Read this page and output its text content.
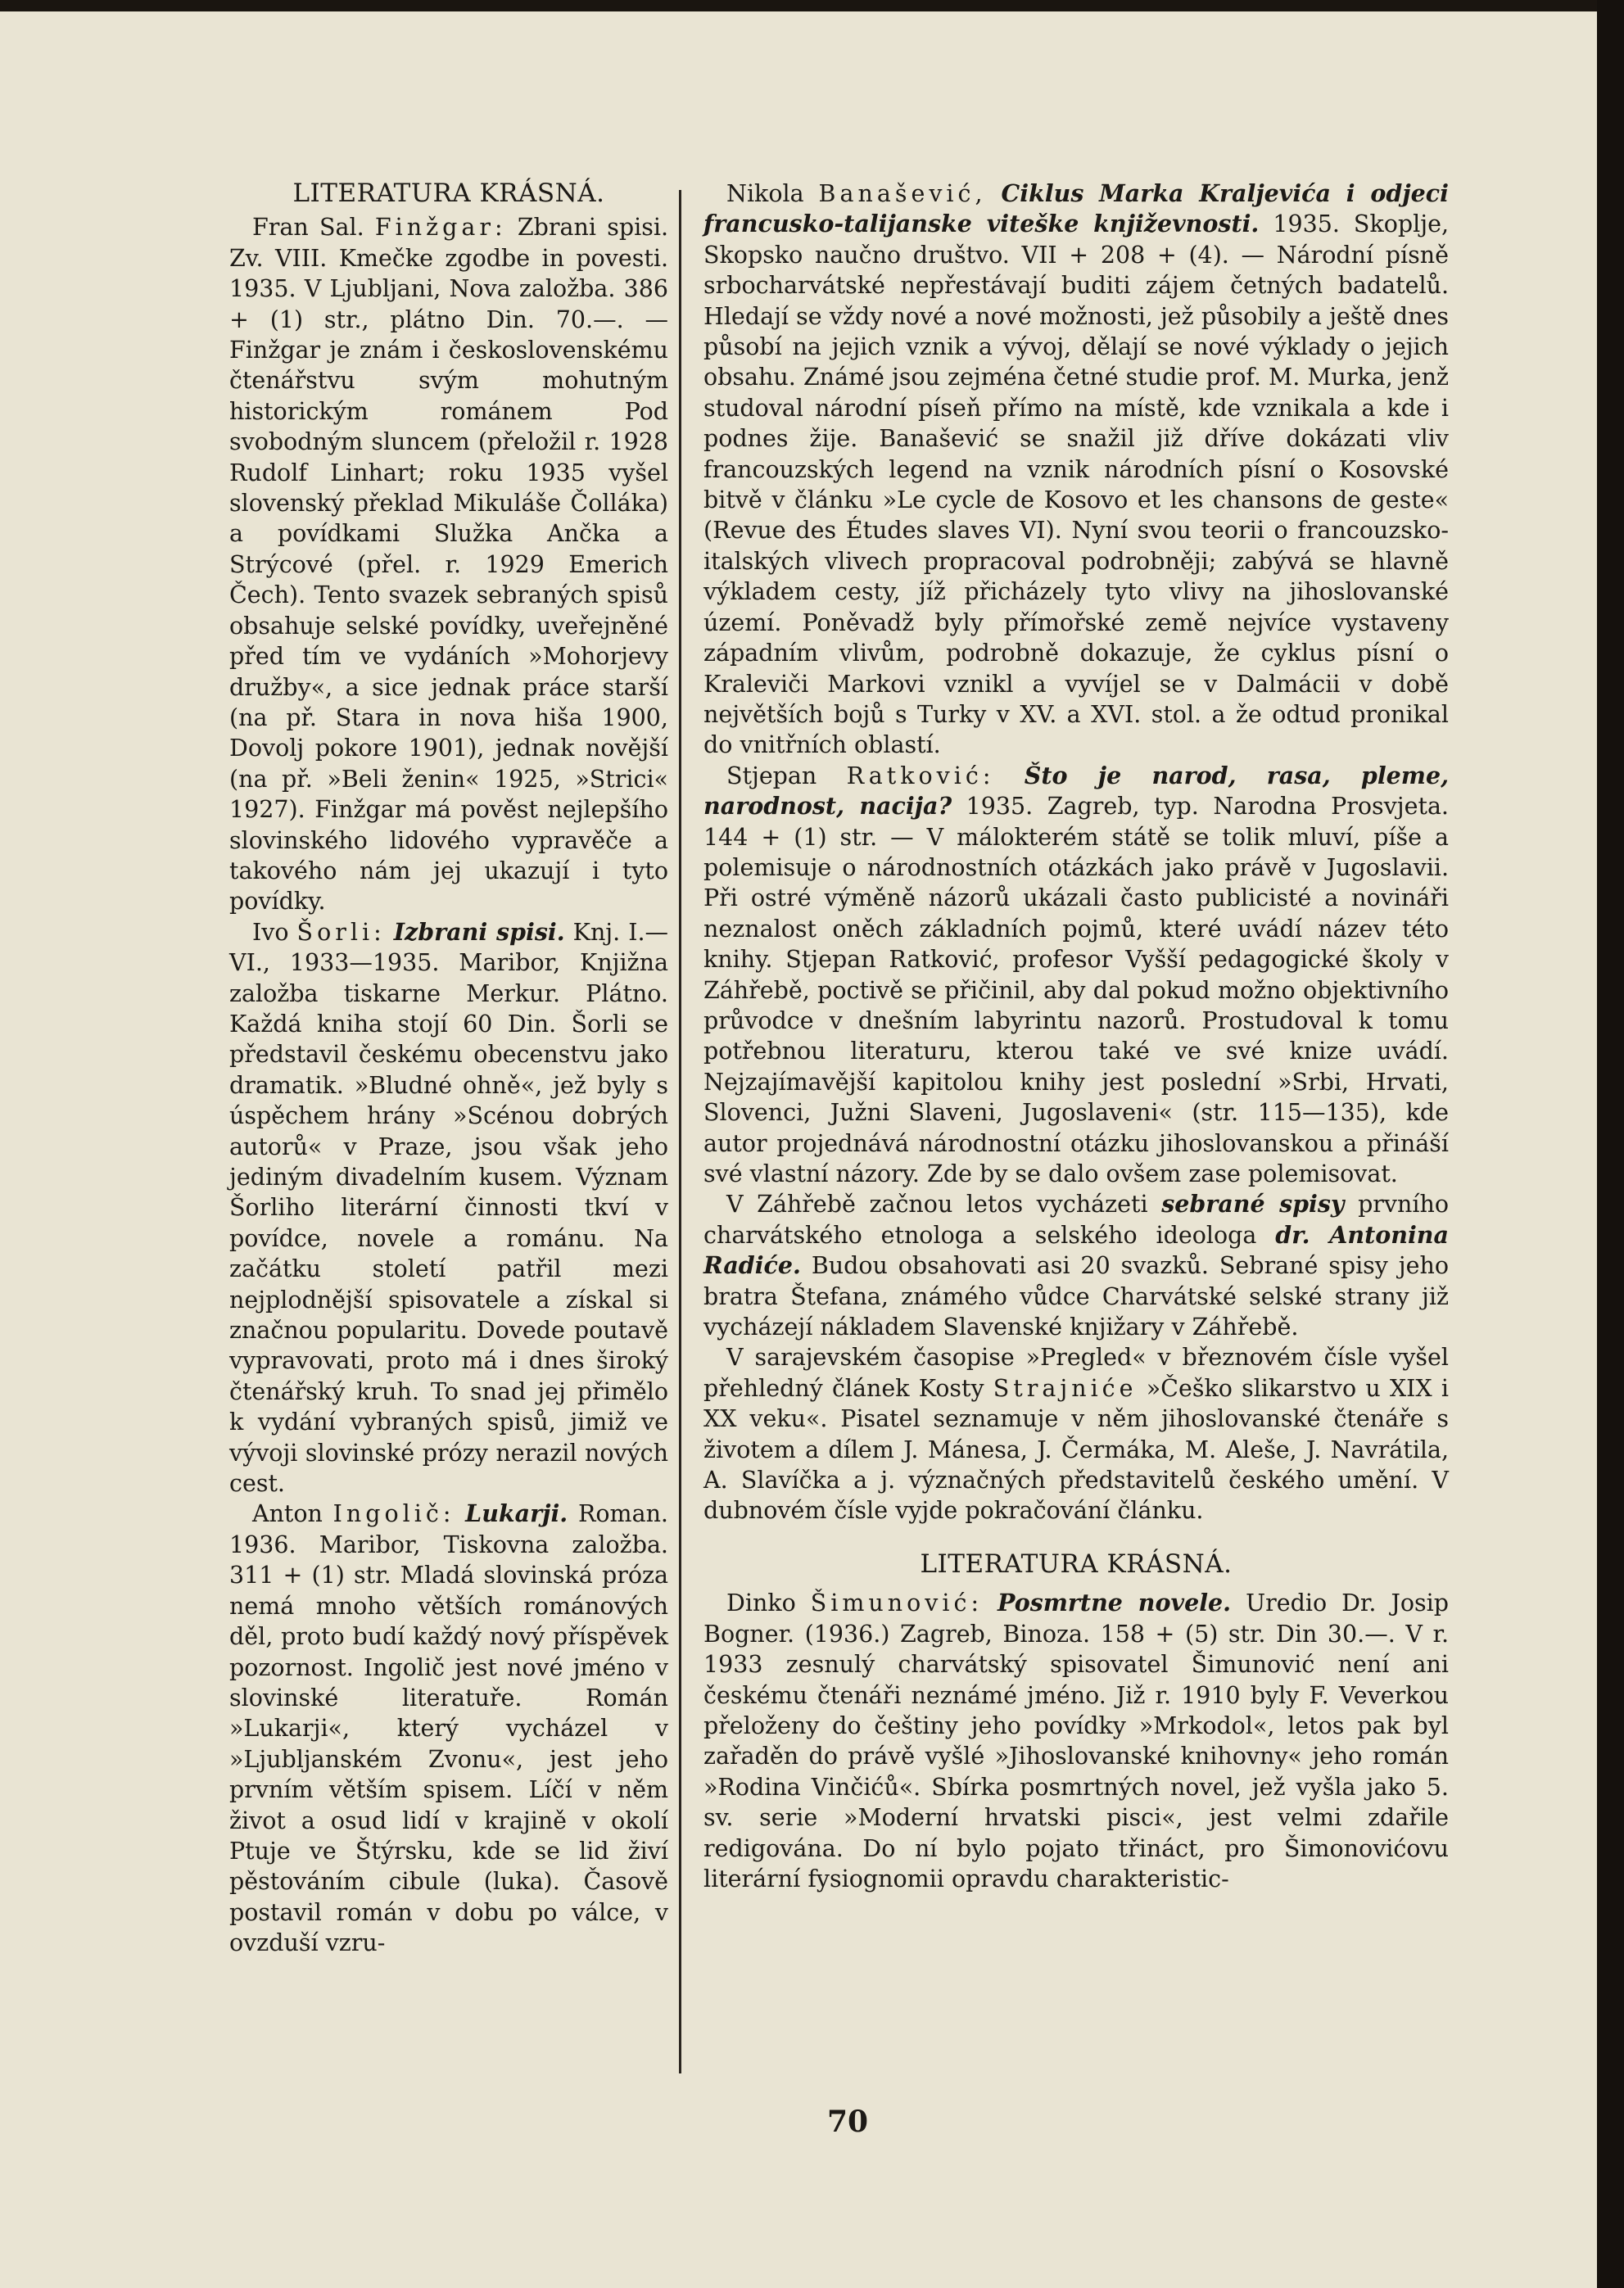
LITERATURA KRÁSNÁ.

Fran Sal. Finžgar: Zbrani spisi. Zv. VIII. Kmečke zgodbe in povesti. 1935. V Ljubljani, Nova založba. 386 + (1) str., plátno Din. 70.—. — Finžgar je znám i československému čtenářstvu svým mohutným historickým románem Pod svobodným sluncem (přeložil r. 1928 Rudolf Linhart; roku 1935 vyšel slovenský překlad Mikuláše Čolláka) a povídkami Služka Ančka a Strýcové (přel. r. 1929 Emerich Čech). Tento svazek sebraných spisů obsahuje selské povídky, uveřejněné před tím ve vydáních »Mohorjevy družby«, a sice jednak práce starší (na př. Stara in nova hiša 1900, Dovolj pokore 1901), jednak novější (na př. »Beli ženin« 1925, »Strici« 1927). Finžgar má pověst nejlepšího slovinského lidového vypravěče a takového nám jej ukazují i tyto povídky.

Ivo Šorli: Izbrani spisi. Knj. I.—VI., 1933—1935. Maribor, Knjižna založba tiskarne Merkur. Plátno. Každá kniha stojí 60 Din. Šorli se představil českému obecenstvu jako dramatik. »Bludné ohně«, jež byly s úspěchem hrány »Scénou dobrých autorů« v Praze, jsou však jeho jediným divadelním kusem. Význam Šorliho literární činnosti tkví v povídce, novele a románu. Na začátku století patřil mezi nejplodnější spisovatele a získal si značnou popularitu. Dovede poutavě vypravovati, proto má i dnes široký čtenářský kruh. To snad jej přimělo k vydání vybraných spisů, jimiž ve vývoji slovinské prózy nerazil nových cest.

Anton Ingolič: Lukarji. Roman. 1936. Maribor, Tiskovna založba. 311 + (1) str. Mladá slovinská próza nemá mnoho větších románových děl, proto budí každý nový příspěvek pozornost. Ingolič jest nové jméno v slovinské literatuře. Román »Lukarji«, který vycházel v »Ljubljanském Zvonu«, jest jeho prvním větším spisem. Líčí v něm život a osud lidí v krajině v okolí Ptuje ve Štýrsku, kde se lid živí pěstováním cibule (luka). Časově postavil román v dobu po válce, v ovzduší vzru-

Nikola Banašević, Ciklus Marka Kraljevića i odjeci francusko-talijanske viteške književnosti. 1935. Skoplje, Skopsko naučno društvo. VII + 208 + (4). — Národní písně srbocharvátské nepřestávají buditi zájem četných badatelů. Hledají se vždy nové a nové možnosti, jež působily a ještě dnes působí na jejich vznik a vývoj, dělají se nové výklady o jejich obsahu. Známé jsou zejména četné studie prof. M. Murka, jenž studoval národní píseň přímo na místě, kde vznikala a kde i podnes žije. Banašević se snažil již dříve dokázati vliv francouzských legend na vznik národních písní o Kosovské bitvě v článku »Le cycle de Kosovo et les chansons de geste« (Revue des Études slaves VI). Nyní svou teorii o francouzsko-italských vlivech propracoval podrobněji; zabývá se hlavně výkladem cesty, jíž přicházely tyto vlivy na jihoslovanské území. Poněvadž byly přímořské země nejvíce vystaveny západním vlivům, podrobně dokazuje, že cyklus písní o Kraleviči Markovi vznikl a vyvíjel se v Dalmácii v době největších bojů s Turky v XV. a XVI. stol. a že odtud pronikal do vnitřních oblastí.

Stjepan Ratković: Što je narod, rasa, pleme, narodnost, nacija? 1935. Zagreb, typ. Narodna Prosvjeta. 144 + (1) str. — V málokterém státě se tolik mluví, píše a polemisuje o národnostních otázkách jako právě v Jugoslavii. Při ostré výměně názorů ukázali často publicisté a novináři neznalost oněch základních pojmů, které uvádí název této knihy. Stjepan Ratković, profesor Vyšší pedagogické školy v Záhřebě, poctivě se přičinil, aby dal pokud možno objektivního průvodce v dnešním labyrintu nazorů. Prostudoval k tomu potřebnou literaturu, kterou také ve své knize uvádí. Nejzajímavější kapitolou knihy jest poslední »Srbi, Hrvati, Slovenci, Južni Slaveni, Jugoslaveni« (str. 115—135), kde autor projednává národnostní otázku jihoslovanskou a přináší své vlastní názory. Zde by se dalo ovšem zase polemisovat.

V Záhřebě začnou letos vycházeti sebrané spisy prvního charvátského etnologa a selského ideologa dr. Antonina Radiće. Budou obsahovati asi 20 svazků. Sebrané spisy jeho bratra Štefana, známého vůdce Charvátské selské strany již vycházejí nákladem Slavenské knjižary v Záhřebě.

V sarajevském časopise »Pregled« v březnovém čísle vyšel přehledný článek Kosty Strajniće »Češko slikarstvo u XIX i XX veku«. Pisatel seznamuje v něm jihoslovanské čtenáře s životem a dílem J. Mánesa, J. Čermáka, M. Aleše, J. Navrátila, A. Slavíčka a j. význačných představitelů českého umění. V dubnovém čísle vyjde pokračování článku.

LITERATURA KRÁSNÁ.

Dinko Šimunović: Posmrtne novele. Uredio Dr. Josip Bogner. (1936.) Zagreb, Binoza. 158 + (5) str. Din 30.—. V r. 1933 zesnulý charvátský spisovatel Šimunović není ani českému čtenáři neznámé jméno. Již r. 1910 byly F. Veverkou přeloženy do češtiny jeho povídky »Mrkodol«, letos pak byl zařaděn do právě vyšlé »Jihoslovanské knihovny« jeho román »Rodina Vinčićů«. Sbírka posmrtných novel, jež vyšla jako 5. sv. serie »Moderní hrvatski pisci«, jest velmi zdařile redigována. Do ní bylo pojato třináct, pro Šimonovićovu literární fysiognomii opravdu charakteristic-

70
